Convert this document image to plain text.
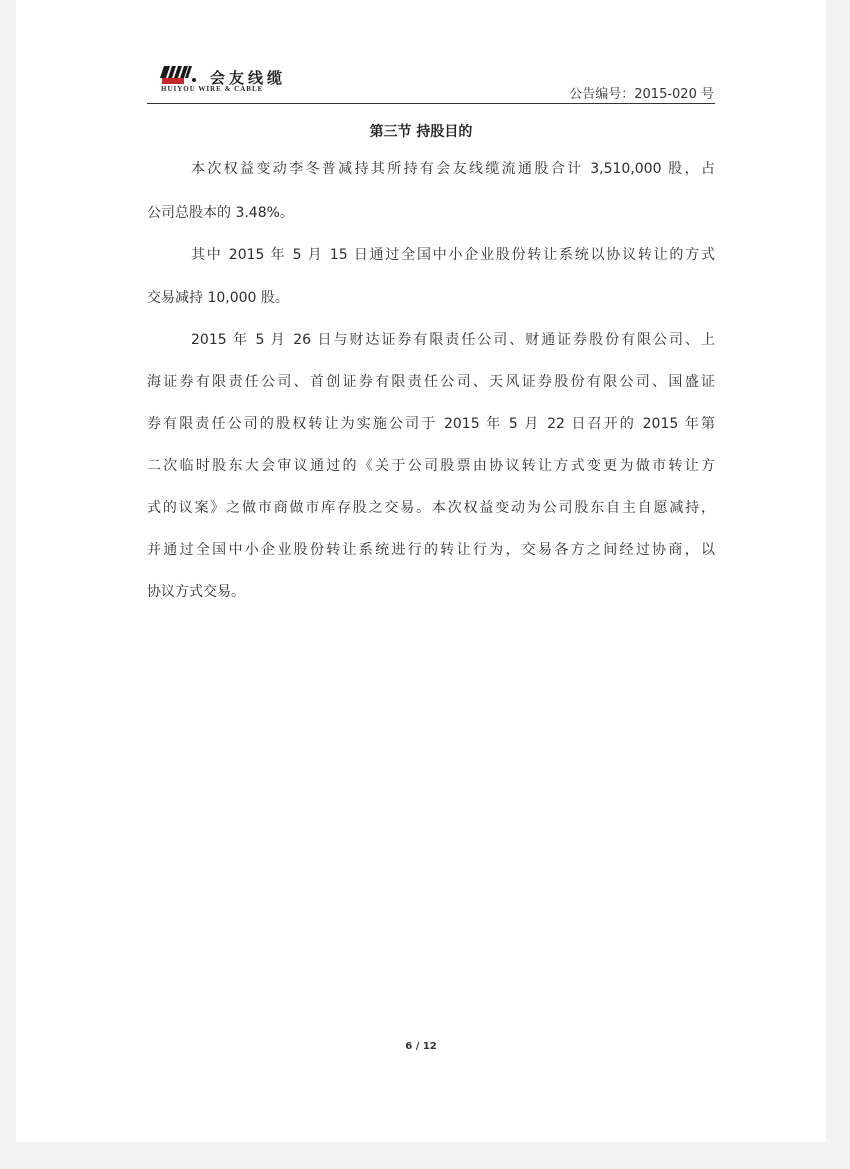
会友线缆
HUIYOU WIRE & CABLE	公告编号：2015-020 号
第三节 持股目的
本次权益变动李冬普减持其所持有会友线缆流通股合计 3,510,000 股，占
公司总股本的 3.48%。
其中 2015 年 5 月 15 日通过全国中小企业股份转让系统以协议转让的方式
交易减持 10,000 股。
2015 年 5 月 26 日与财达证券有限责任公司、财通证券股份有限公司、上
海证券有限责任公司、首创证券有限责任公司、天风证券股份有限公司、国盛证
券有限责任公司的股权转让为实施公司于 2015 年 5 月 22 日召开的 2015 年第
二次临时股东大会审议通过的《关于公司股票由协议转让方式变更为做市转让方
式的议案》之做市商做市库存股之交易。本次权益变动为公司股东自主自愿减持，
并通过全国中小企业股份转让系统进行的转让行为，交易各方之间经过协商，以
协议方式交易。
6 / 12
